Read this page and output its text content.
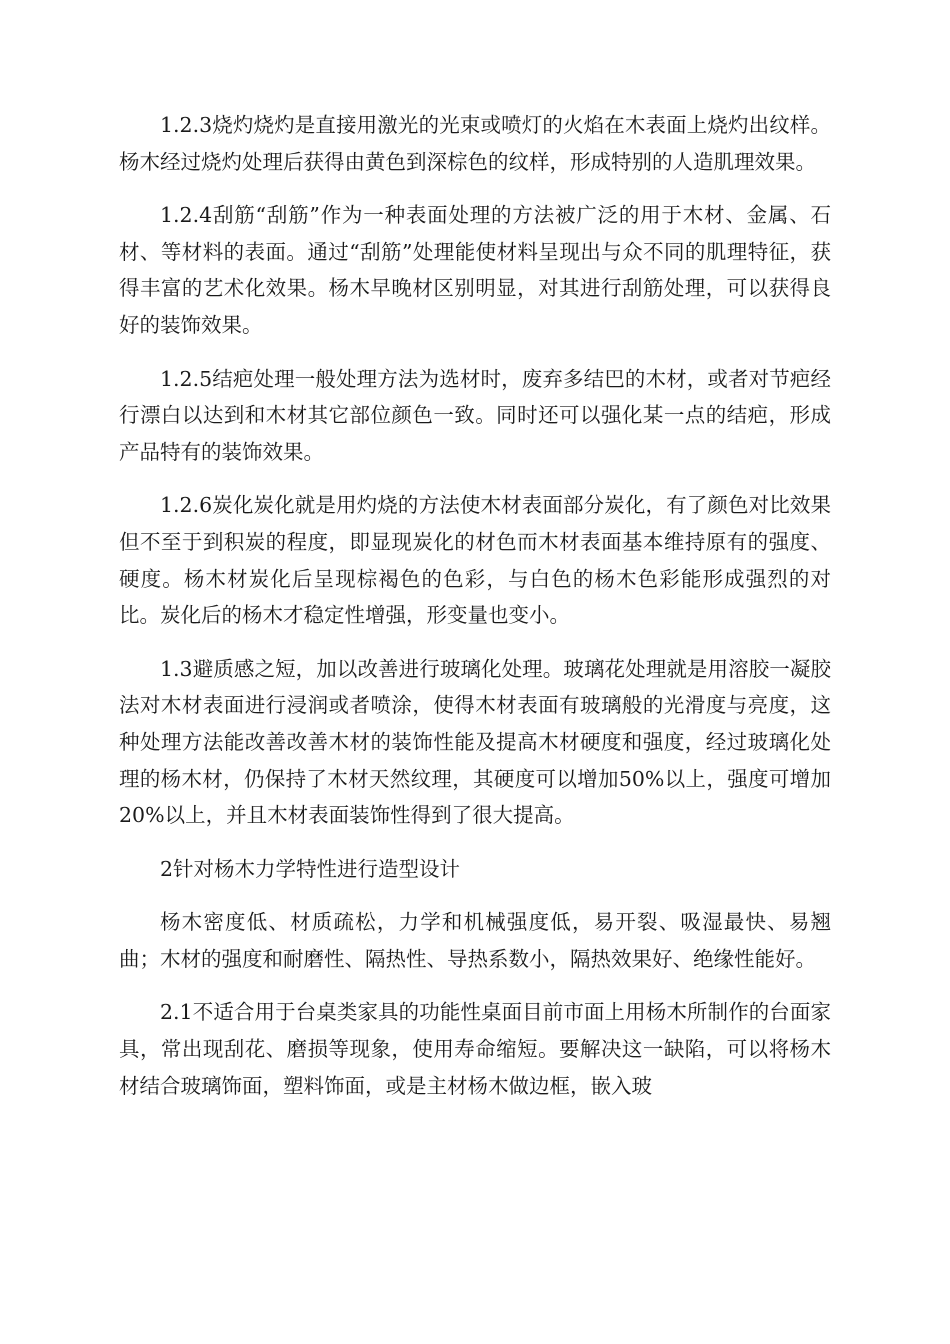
1.2.3烧灼烧灼是直接用激光的光束或喷灯的火焰在木表面上烧灼出纹样。杨木经过烧灼处理后获得由黄色到深棕色的纹样，形成特别的人造肌理效果。

1.2.4刮筋“刮筋”作为一种表面处理的方法被广泛的用于木材、金属、石材、等材料的表面。通过“刮筋”处理能使材料呈现出与众不同的肌理特征，获得丰富的艺术化效果。杨木早晚材区别明显，对其进行刮筋处理，可以获得良好的装饰效果。

1.2.5结疤处理一般处理方法为选材时，废弃多结巴的木材，或者对节疤经行漂白以达到和木材其它部位颜色一致。同时还可以强化某一点的结疤，形成产品特有的装饰效果。

1.2.6炭化炭化就是用灼烧的方法使木材表面部分炭化，有了颜色对比效果但不至于到积炭的程度，即显现炭化的材色而木材表面基本维持原有的强度、硬度。杨木材炭化后呈现棕褐色的色彩，与白色的杨木色彩能形成强烈的对比。炭化后的杨木才稳定性增强，形变量也变小。

1.3避质感之短，加以改善进行玻璃化处理。玻璃花处理就是用溶胶一凝胶法对木材表面进行浸润或者喷涂，使得木材表面有玻璃般的光滑度与亮度，这种处理方法能改善改善木材的装饰性能及提高木材硬度和强度，经过玻璃化处理的杨木材，仍保持了木材天然纹理，其硬度可以增加50%以上，强度可增加20%以上，并且木材表面装饰性得到了很大提高。

2针对杨木力学特性进行造型设计

杨木密度低、材质疏松，力学和机械强度低，易开裂、吸湿最快、易翘曲；木材的强度和耐磨性、隔热性、导热系数小，隔热效果好、绝缘性能好。

2.1不适合用于台桌类家具的功能性桌面目前市面上用杨木所制作的台面家具，常出现刮花、磨损等现象，使用寿命缩短。要解决这一缺陷，可以将杨木材结合玻璃饰面，塑料饰面，或是主材杨木做边框，嵌入玻
